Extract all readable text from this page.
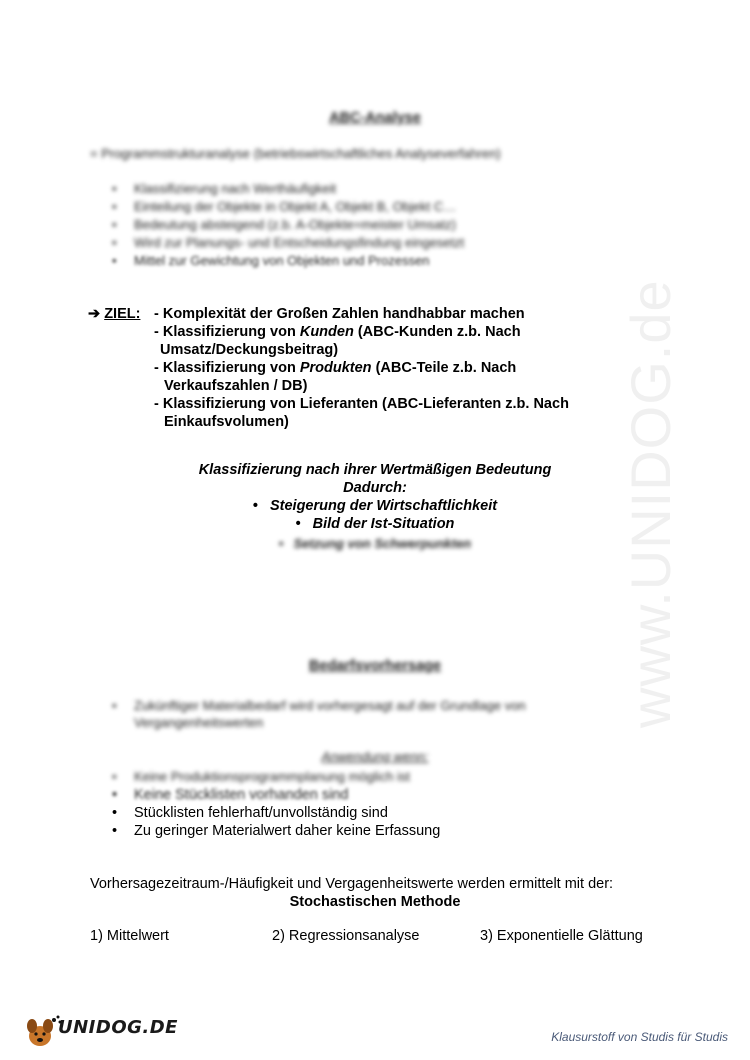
www.UNIDOG.de
ABC-Analyse
= Programmstrukturanalyse (betriebswirtschaftliches Analyseverfahren)
• Klassifizierung nach Werthäufigkeit
• Einteilung der Objekte in Objekt A, Objekt B, Objekt C…
• Bedeutung absteigend (z.b. A-Objekte=meister Umsatz)
• Wird zur Planungs- und Entscheidungsfindung eingesetzt
• Mittel zur Gewichtung von Objekten und Prozessen
➔ ZIEL: - Komplexität der Großen Zahlen handhabbar machen
- Klassifizierung von Kunden (ABC-Kunden z.b. Nach
Umsatz/Deckungsbeitrag)
- Klassifizierung von Produkten (ABC-Teile z.b. Nach
Verkaufszahlen / DB)
- Klassifizierung von Lieferanten (ABC-Lieferanten z.b. Nach
Einkaufsvolumen)
Klassifizierung nach ihrer Wertmäßigen Bedeutung
Dadurch:
• Steigerung der Wirtschaftlichkeit
• Bild der Ist-Situation
• Setzung von Schwerpunkten
Bedarfsvorhersage
• Zukünftiger Materialbedarf wird vorhergesagt auf der Grundlage von
Vergangenheitswerten
Anwendung wenn:
• Keine Produktionsprogrammplanung möglich ist
• Keine Stücklisten vorhanden sind
• Stücklisten fehlerhaft/unvollständig sind
• Zu geringer Materialwert daher keine Erfassung
Vorhersagezeitraum-/Häufigkeit und Vergagenheitswerte werden ermittelt mit der:
Stochastischen Methode
1) Mittelwert	2) Regressionsanalyse	3) Exponentielle Glättung
UNIDOG.DE	Klausurstoff von Studis für Studis
